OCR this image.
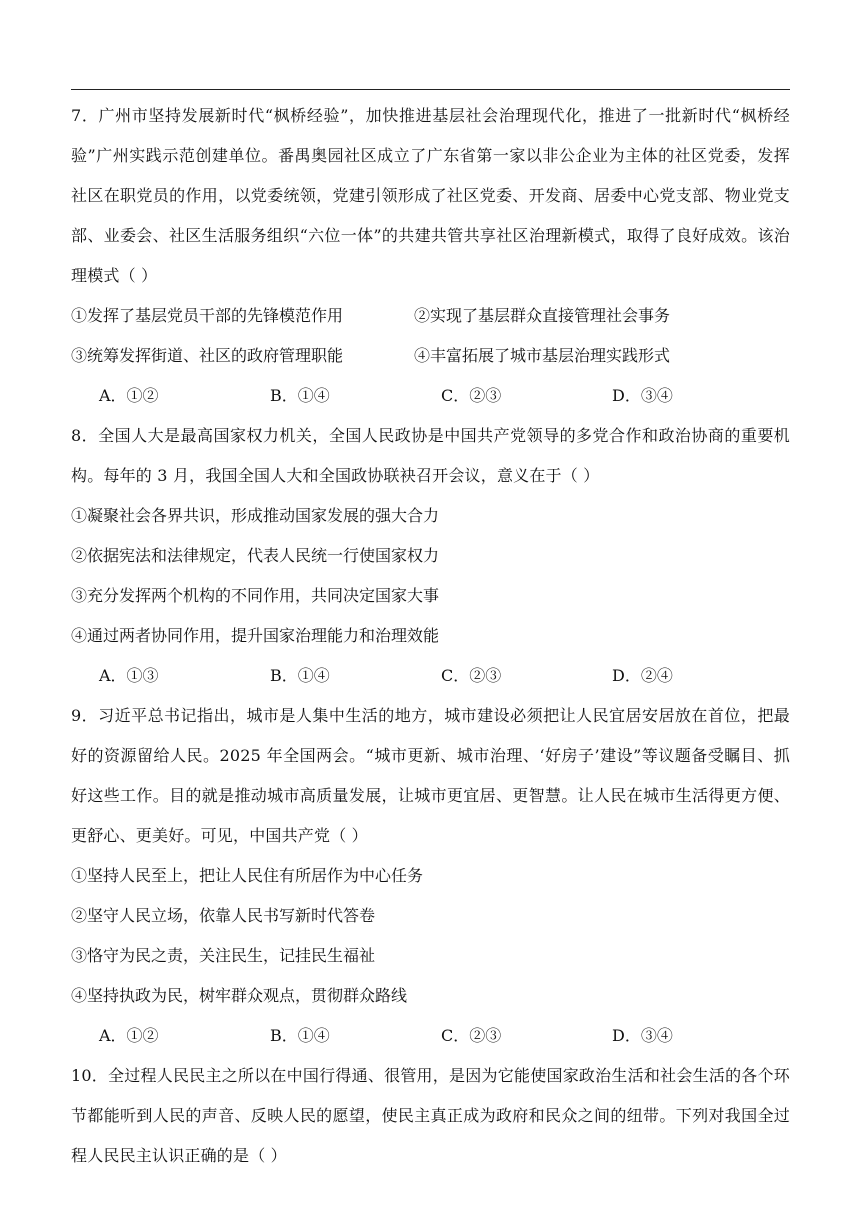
7．广州市坚持发展新时代“枫桥经验”，加快推进基层社会治理现代化，推进了一批新时代“枫桥经验”广州实践示范创建单位。番禺奥园社区成立了广东省第一家以非公企业为主体的社区党委，发挥社区在职党员的作用，以党委统领，党建引领形成了社区党委、开发商、居委中心党支部、物业党支部、业委会、社区生活服务组织“六位一体”的共建共管共享社区治理新模式，取得了良好成效。该治理模式（ ）

①发挥了基层党员干部的先锋模范作用	②实现了基层群众直接管理社会事务
③统筹发挥街道、社区的政府管理职能	④丰富拓展了城市基层治理实践形式
A．①②	B．①④	C．②③	D．③④

8．全国人大是最高国家权力机关，全国人民政协是中国共产党领导的多党合作和政治协商的重要机构。每年的 3 月，我国全国人大和全国政协联袂召开会议，意义在于（ ）

①凝聚社会各界共识，形成推动国家发展的强大合力

②依据宪法和法律规定，代表人民统一行使国家权力

③充分发挥两个机构的不同作用，共同决定国家大事

④通过两者协同作用，提升国家治理能力和治理效能

A．①③	B．①④	C．②③	D．②④

9．习近平总书记指出，城市是人集中生活的地方，城市建设必须把让人民宜居安居放在首位，把最好的资源留给人民。2025 年全国两会。“城市更新、城市治理、‘好房子’建设”等议题备受瞩目、抓好这些工作。目的就是推动城市高质量发展，让城市更宜居、更智慧。让人民在城市生活得更方便、更舒心、更美好。可见，中国共产党（ ）

①坚持人民至上，把让人民住有所居作为中心任务

②坚守人民立场，依靠人民书写新时代答卷

③恪守为民之责，关注民生，记挂民生福祉

④坚持执政为民，树牢群众观点，贯彻群众路线

A．①②	B．①④	C．②③	D．③④

10．全过程人民民主之所以在中国行得通、很管用，是因为它能使国家政治生活和社会生活的各个环节都能听到人民的声音、反映人民的愿望，使民主真正成为政府和民众之间的纽带。下列对我国全过程人民民主认识正确的是（ ）
